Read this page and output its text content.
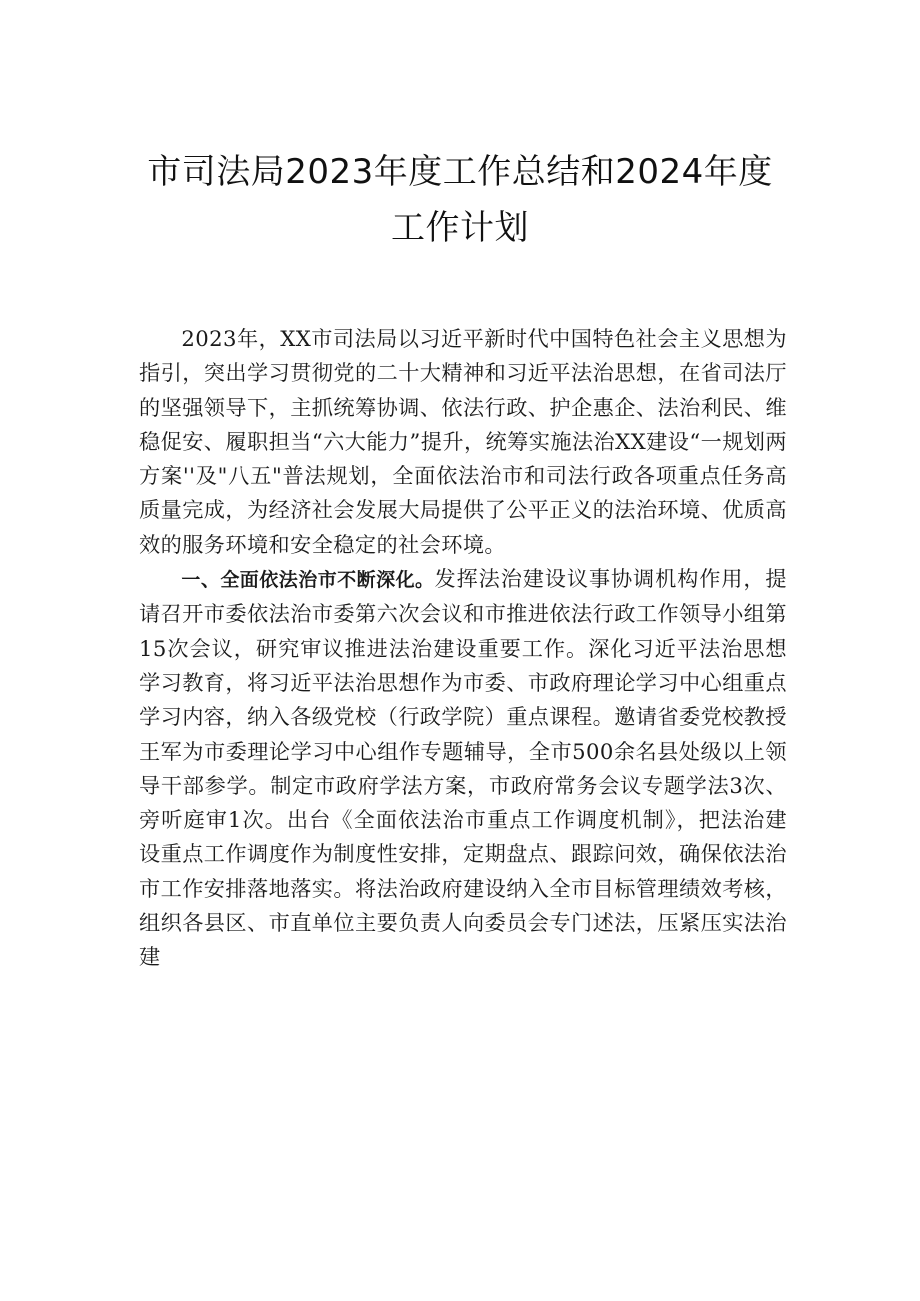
市司法局2023年度工作总结和2024年度
工作计划

2023年，XX市司法局以习近平新时代中国特色社会主义思想为指引，突出学习贯彻党的二十大精神和习近平法治思想，在省司法厅的坚强领导下，主抓统筹协调、依法行政、护企惠企、法治利民、维稳促安、履职担当“六大能力”提升，统筹实施法治XX建设“一规划两方案''及"八五"普法规划，全面依法治市和司法行政各项重点任务高质量完成，为经济社会发展大局提供了公平正义的法治环境、优质高效的服务环境和安全稳定的社会环境。

一、全面依法治市不断深化。发挥法治建设议事协调机构作用，提请召开市委依法治市委第六次会议和市推进依法行政工作领导小组第15次会议，研究审议推进法治建设重要工作。深化习近平法治思想学习教育，将习近平法治思想作为市委、市政府理论学习中心组重点学习内容，纳入各级党校（行政学院）重点课程。邀请省委党校教授王军为市委理论学习中心组作专题辅导，全市500余名县处级以上领导干部参学。制定市政府学法方案，市政府常务会议专题学法3次、旁听庭审1次。出台《全面依法治市重点工作调度机制》，把法治建设重点工作调度作为制度性安排，定期盘点、跟踪问效，确保依法治市工作安排落地落实。将法治政府建设纳入全市目标管理绩效考核，组织各县区、市直单位主要负责人向委员会专门述法，压紧压实法治建
